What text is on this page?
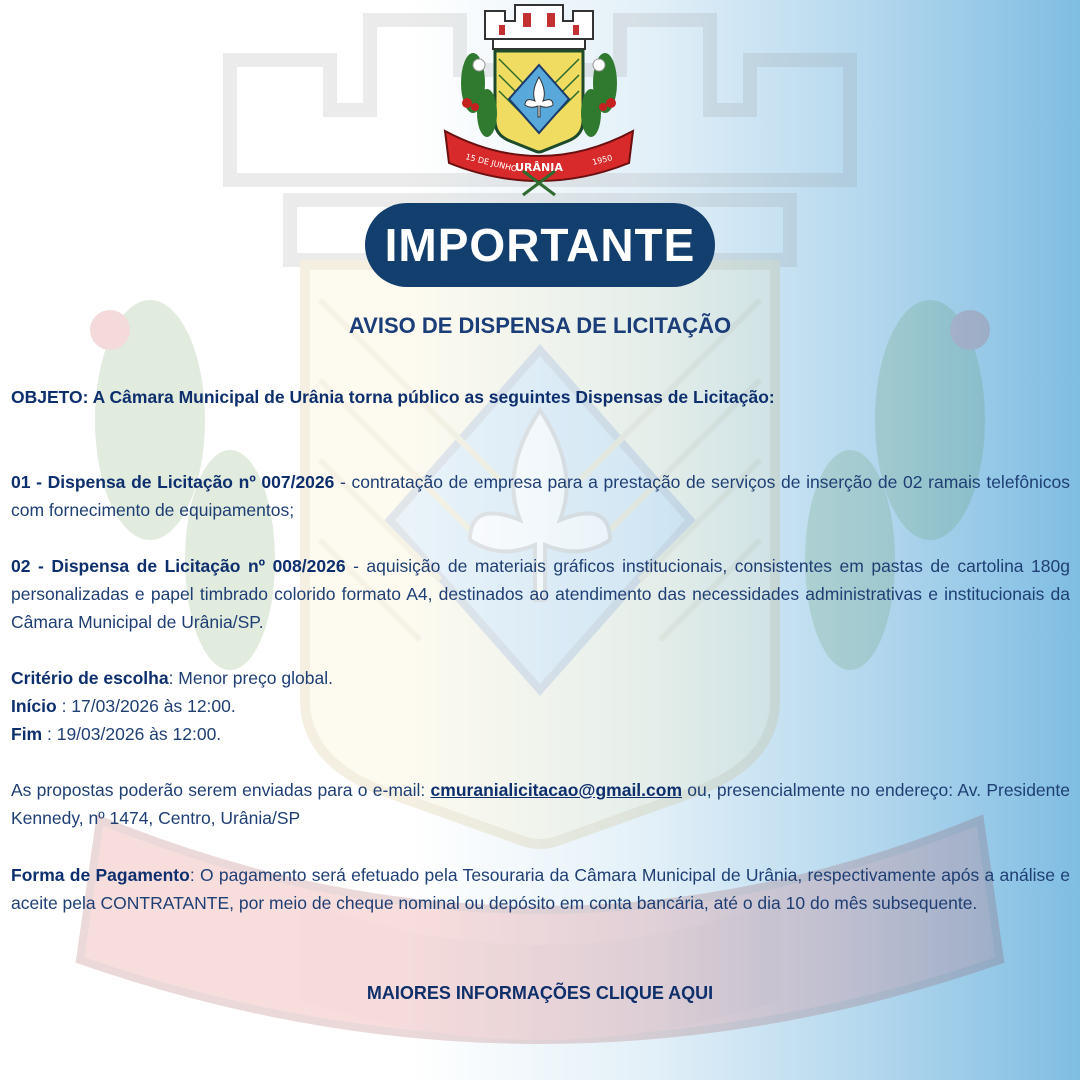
15 DE JUNHO
URÂNIA
1950
IMPORTANTE
AVISO DE DISPENSA DE LICITAÇÃO
OBJETO: A Câmara Municipal de Urânia torna público as seguintes Dispensas de Licitação:
01 - Dispensa de Licitação nº 007/2026 - contratação de empresa para a prestação de serviços de inserção de 02 ramais telefônicos com fornecimento de equipamentos;
02 - Dispensa de Licitação nº 008/2026 - aquisição de materiais gráficos institucionais, consistentes em pastas de cartolina 180g personalizadas e papel timbrado colorido formato A4, destinados ao atendimento das necessidades administrativas e institucionais da Câmara Municipal de Urânia/SP.
Critério de escolha: Menor preço global.
Início : 17/03/2026 às 12:00.
Fim : 19/03/2026 às 12:00.
As propostas poderão serem enviadas para o e-mail: cmuranialicitacao@gmail.com ou, presencialmente no endereço: Av. Presidente Kennedy, nº 1474, Centro, Urânia/SP
Forma de Pagamento: O pagamento será efetuado pela Tesouraria da Câmara Municipal de Urânia, respectivamente após a análise e aceite pela CONTRATANTE, por meio de cheque nominal ou depósito em conta bancária, até o dia 10 do mês subsequente.
MAIORES INFORMAÇÕES CLIQUE AQUI
